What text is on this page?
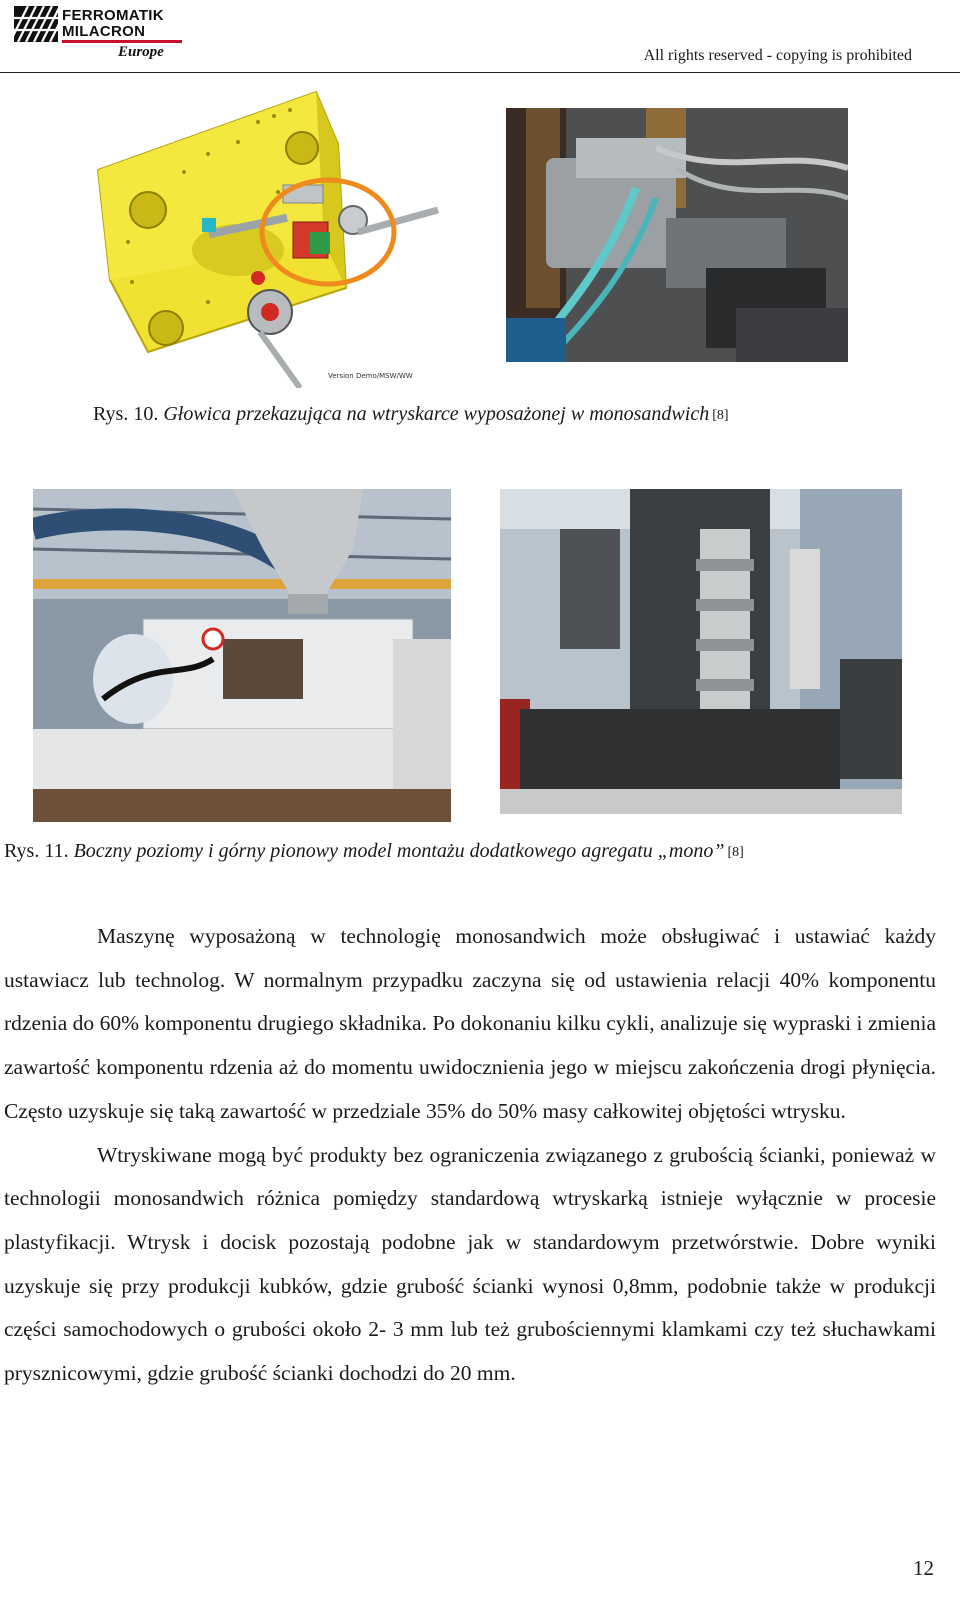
FERROMATIK
MILACRON
Europe	All rights reserved - copying is prohibited
Version Demo/MSW/WW
Rys. 10. Głowica przekazująca na wtryskarce wyposażonej w monosandwich [8]
Rys. 11. Boczny poziomy i górny pionowy model montażu dodatkowego agregatu „mono” [8]

Maszynę wyposażoną w technologię monosandwich może obsługiwać i ustawiać każdy ustawiacz lub technolog. W normalnym przypadku zaczyna się od ustawienia relacji 40% komponentu rdzenia do 60% komponentu drugiego składnika. Po dokonaniu kilku cykli, analizuje się wypraski i zmienia zawartość komponentu rdzenia aż do momentu uwidocznienia jego w miejscu zakończenia drogi płynięcia. Często uzyskuje się taką zawartość w przedziale 35% do 50% masy całkowitej objętości wtrysku.

Wtryskiwane mogą być produkty bez ograniczenia związanego z grubością ścianki, ponieważ w technologii monosandwich różnica pomiędzy standardową wtryskarką istnieje wyłącznie w procesie plastyfikacji. Wtrysk i docisk pozostają podobne jak w standardowym przetwórstwie. Dobre wyniki uzyskuje się przy produkcji kubków, gdzie grubość ścianki wynosi 0,8mm, podobnie także w produkcji części samochodowych o grubości około 2- 3 mm lub też grubościennymi klamkami czy też słuchawkami prysznicowymi, gdzie grubość ścianki dochodzi do 20 mm.

12
